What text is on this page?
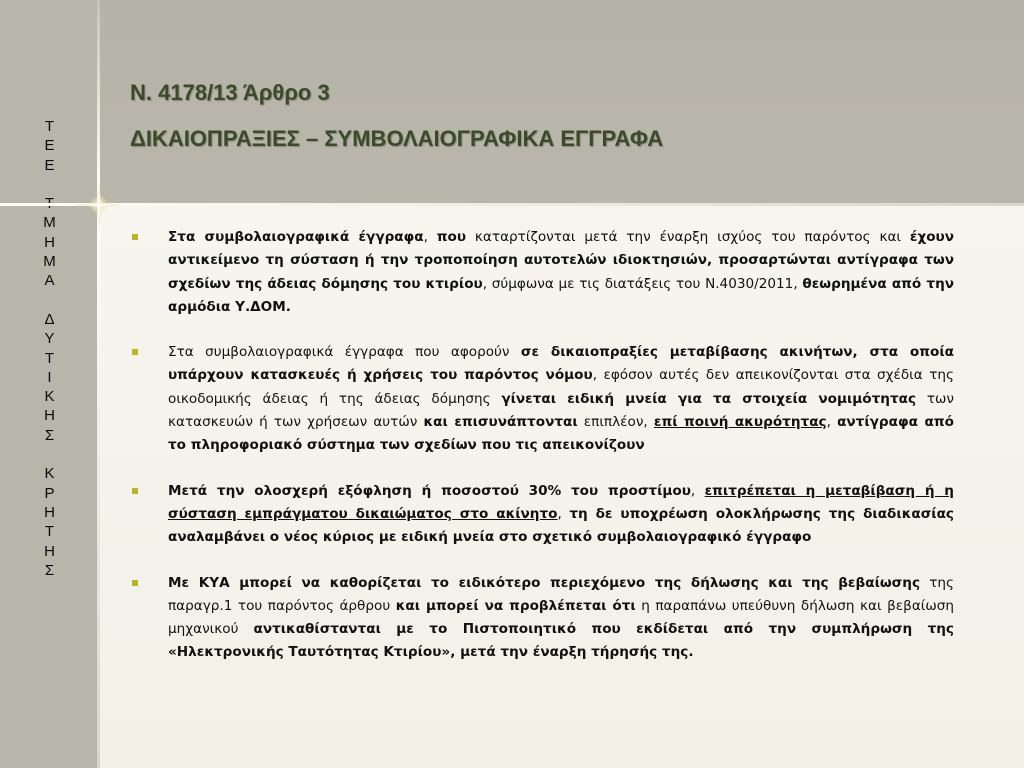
Τ
Ε
Ε
Μ
Η
Μ
Α
Δ
Υ
Τ
Ι
Κ
Η
Σ
Κ
Ρ
Η
Τ
Η
Σ
Ν. 4178/13 Άρθρο 3
ΔΙΚΑΙΟΠΡΑΞΙΕΣ – ΣΥΜΒΟΛΑΙΟΓΡΑΦΙΚΑ ΕΓΓΡΑΦΑ
Στα συμβολαιογραφικά έγγραφα, που καταρτίζονται μετά την έναρξη ισχύος του παρόντος και έχουν αντικείμενο τη σύσταση ή την τροποποίηση αυτοτελών ιδιοκτησιών, προσαρτώνται αντίγραφα των σχεδίων της άδειας δόμησης του κτιρίου, σύμφωνα με τις διατάξεις του Ν.4030/2011, θεωρημένα από την αρμόδια Υ.ΔΟΜ.
Στα συμβολαιογραφικά έγγραφα που αφορούν σε δικαιοπραξίες μεταβίβασης ακινήτων, στα οποία υπάρχουν κατασκευές ή χρήσεις του παρόντος νόμου, εφόσον αυτές δεν απεικονίζονται στα σχέδια της οικοδομικής άδειας ή της άδειας δόμησης γίνεται ειδική μνεία για τα στοιχεία νομιμότητας των κατασκευών ή των χρήσεων αυτών και επισυνάπτονται επιπλέον, επί ποινή ακυρότητας, αντίγραφα από το πληροφοριακό σύστημα των σχεδίων που τις απεικονίζουν
Μετά την ολοσχερή εξόφληση ή ποσοστού 30% του προστίμου, επιτρέπεται η μεταβίβαση ή η σύσταση εμπράγματου δικαιώματος στο ακίνητο, τη δε υποχρέωση ολοκλήρωσης της διαδικασίας αναλαμβάνει ο νέος κύριος με ειδική μνεία στο σχετικό συμβολαιογραφικό έγγραφο
Με ΚΥΑ μπορεί να καθορίζεται το ειδικότερο περιεχόμενο της δήλωσης και της βεβαίωσης της παραγρ.1 του παρόντος άρθρου και μπορεί να προβλέπεται ότι η παραπάνω υπεύθυνη δήλωση και βεβαίωση μηχανικού αντικαθίστανται με το Πιστοποιητικό που εκδίδεται από την συμπλήρωση της «Ηλεκτρονικής Ταυτότητας Κτιρίου», μετά την έναρξη τήρησής της.
